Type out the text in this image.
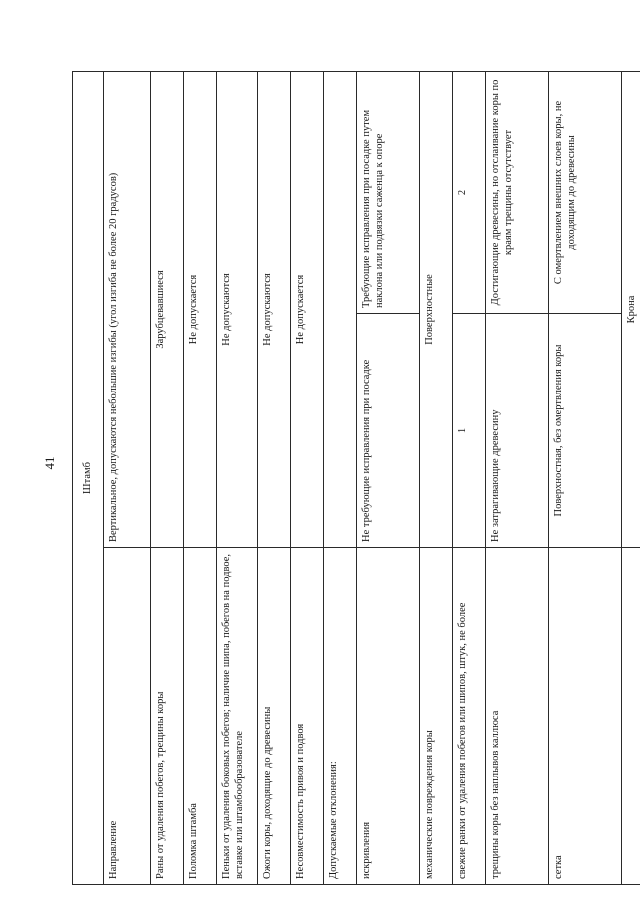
41 Штамб		
Направление	Вертикальное, допускаются небольшие изгибы (угол изгиба не более 20 градусов)	
Раны от удаления побегов, трещины коры	Зарубцевавшиеся	
Поломка штамба	Не допускается	
Пеньки от удаления боковых побегов; наличие шипа, побегов на подвое, вставке или штамбообразователе	Не допускаются	
Ожоги коры, доходящие до древесины	Не допускаются	
Несовместимость привоя и подвоя	Не допускается	
Допускаемые отклонения:		
искривления	Не требующие исправления при посадке	Требующие исправления при посадке путем наклона или подвязки саженца к опоре
механические повреждения коры	Поверхностные	
свежие ранки от удаления побегов или шипов, штук, не более	1	2
трещины коры без наплывов каллюса	Не затрагивающие древесину	Достигающие древесины, но отслаивание коры по краям трещины отсутствует
сетка	Поверхностная, без омертвления коры	С омертвлением внешних слоев коры, не доходящим до древесины
	Крона	
